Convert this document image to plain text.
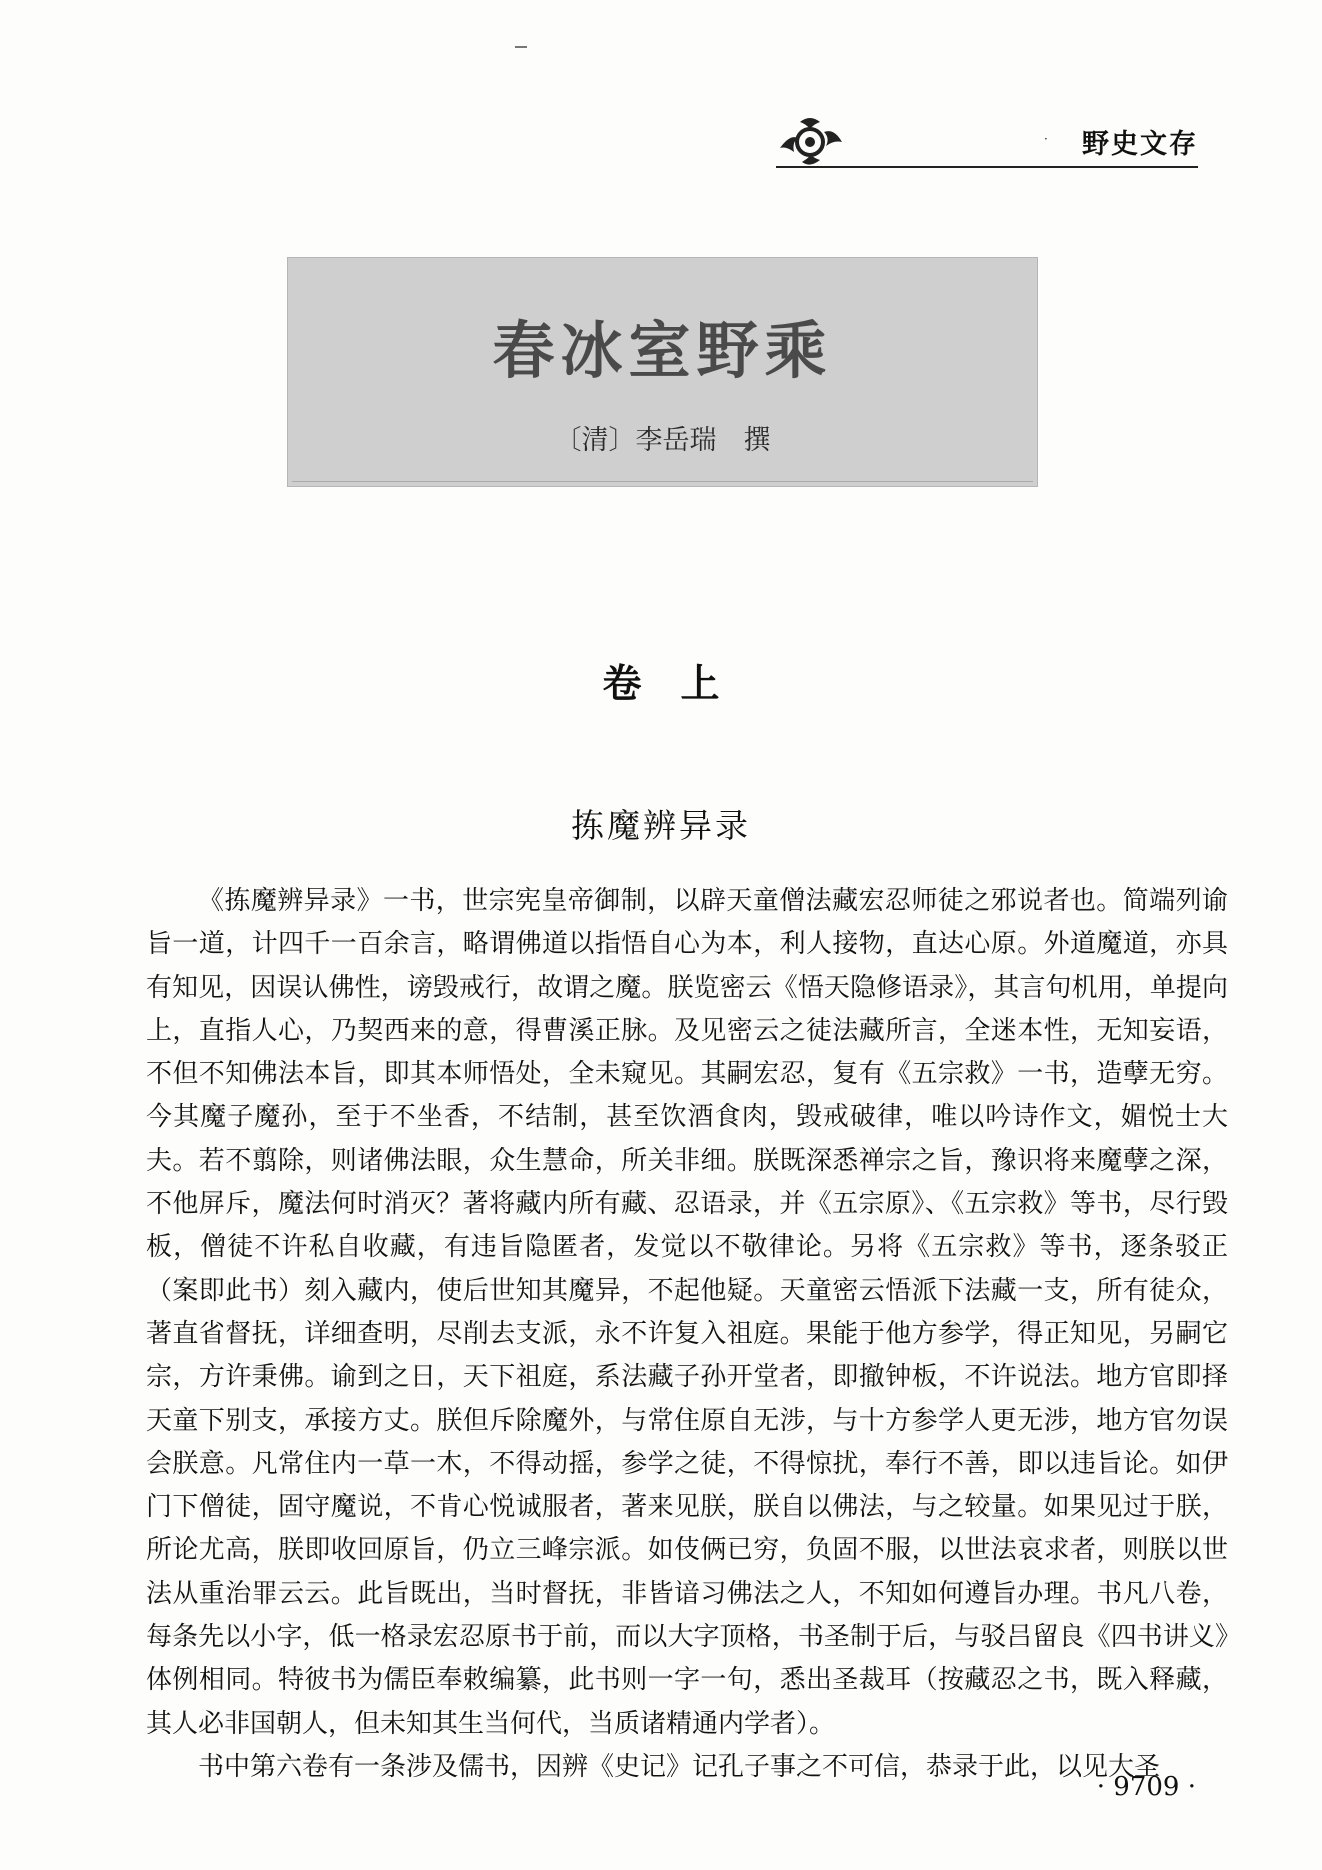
· 野史文存
春冰室野乘
〔清〕李岳瑞　撰
卷　上
拣魔辨异录

《拣魔辨异录》一书，世宗宪皇帝御制，以辟天童僧法藏宏忍师徒之邪说者也。简端列谕旨一道，计四千一百余言，略谓佛道以指悟自心为本，利人接物，直达心原。外道魔道，亦具有知见，因误认佛性，谤毁戒行，故谓之魔。朕览密云《悟天隐修语录》，其言句机用，单提向上，直指人心，乃契西来的意，得曹溪正脉。及见密云之徒法藏所言，全迷本性，无知妄语，不但不知佛法本旨，即其本师悟处，全未窥见。其嗣宏忍，复有《五宗救》一书，造孽无穷。今其魔子魔孙，至于不坐香，不结制，甚至饮酒食肉，毁戒破律，唯以吟诗作文，媚悦士大夫。若不翦除，则诸佛法眼，众生慧命，所关非细。朕既深悉禅宗之旨，豫识将来魔孽之深，不他屏斥，魔法何时消灭？著将藏内所有藏、忍语录，并《五宗原》、《五宗救》等书，尽行毁板，僧徒不许私自收藏，有违旨隐匿者，发觉以不敬律论。另将《五宗救》等书，逐条驳正（案即此书）刻入藏内，使后世知其魔异，不起他疑。天童密云悟派下法藏一支，所有徒众，著直省督抚，详细查明，尽削去支派，永不许复入祖庭。果能于他方参学，得正知见，另嗣它宗，方许秉佛。谕到之日，天下祖庭，系法藏子孙开堂者，即撤钟板，不许说法。地方官即择天童下别支，承接方丈。朕但斥除魔外，与常住原自无涉，与十方参学人更无涉，地方官勿误会朕意。凡常住内一草一木，不得动摇，参学之徒，不得惊扰，奉行不善，即以违旨论。如伊门下僧徒，固守魔说，不肯心悦诚服者，著来见朕，朕自以佛法，与之较量。如果见过于朕，所论尤高，朕即收回原旨，仍立三峰宗派。如伎俩已穷，负固不服，以世法哀求者，则朕以世法从重治罪云云。此旨既出，当时督抚，非皆谙习佛法之人，不知如何遵旨办理。书凡八卷，每条先以小字，低一格录宏忍原书于前，而以大字顶格，书圣制于后，与驳吕留良《四书讲义》体例相同。特彼书为儒臣奉敕编纂，此书则一字一句，悉出圣裁耳（按藏忍之书，既入释藏，其人必非国朝人，但未知其生当何代，当质诸精通内学者）。

书中第六卷有一条涉及儒书，因辨《史记》记孔子事之不可信，恭录于此，以见大圣

· 9709 ·
